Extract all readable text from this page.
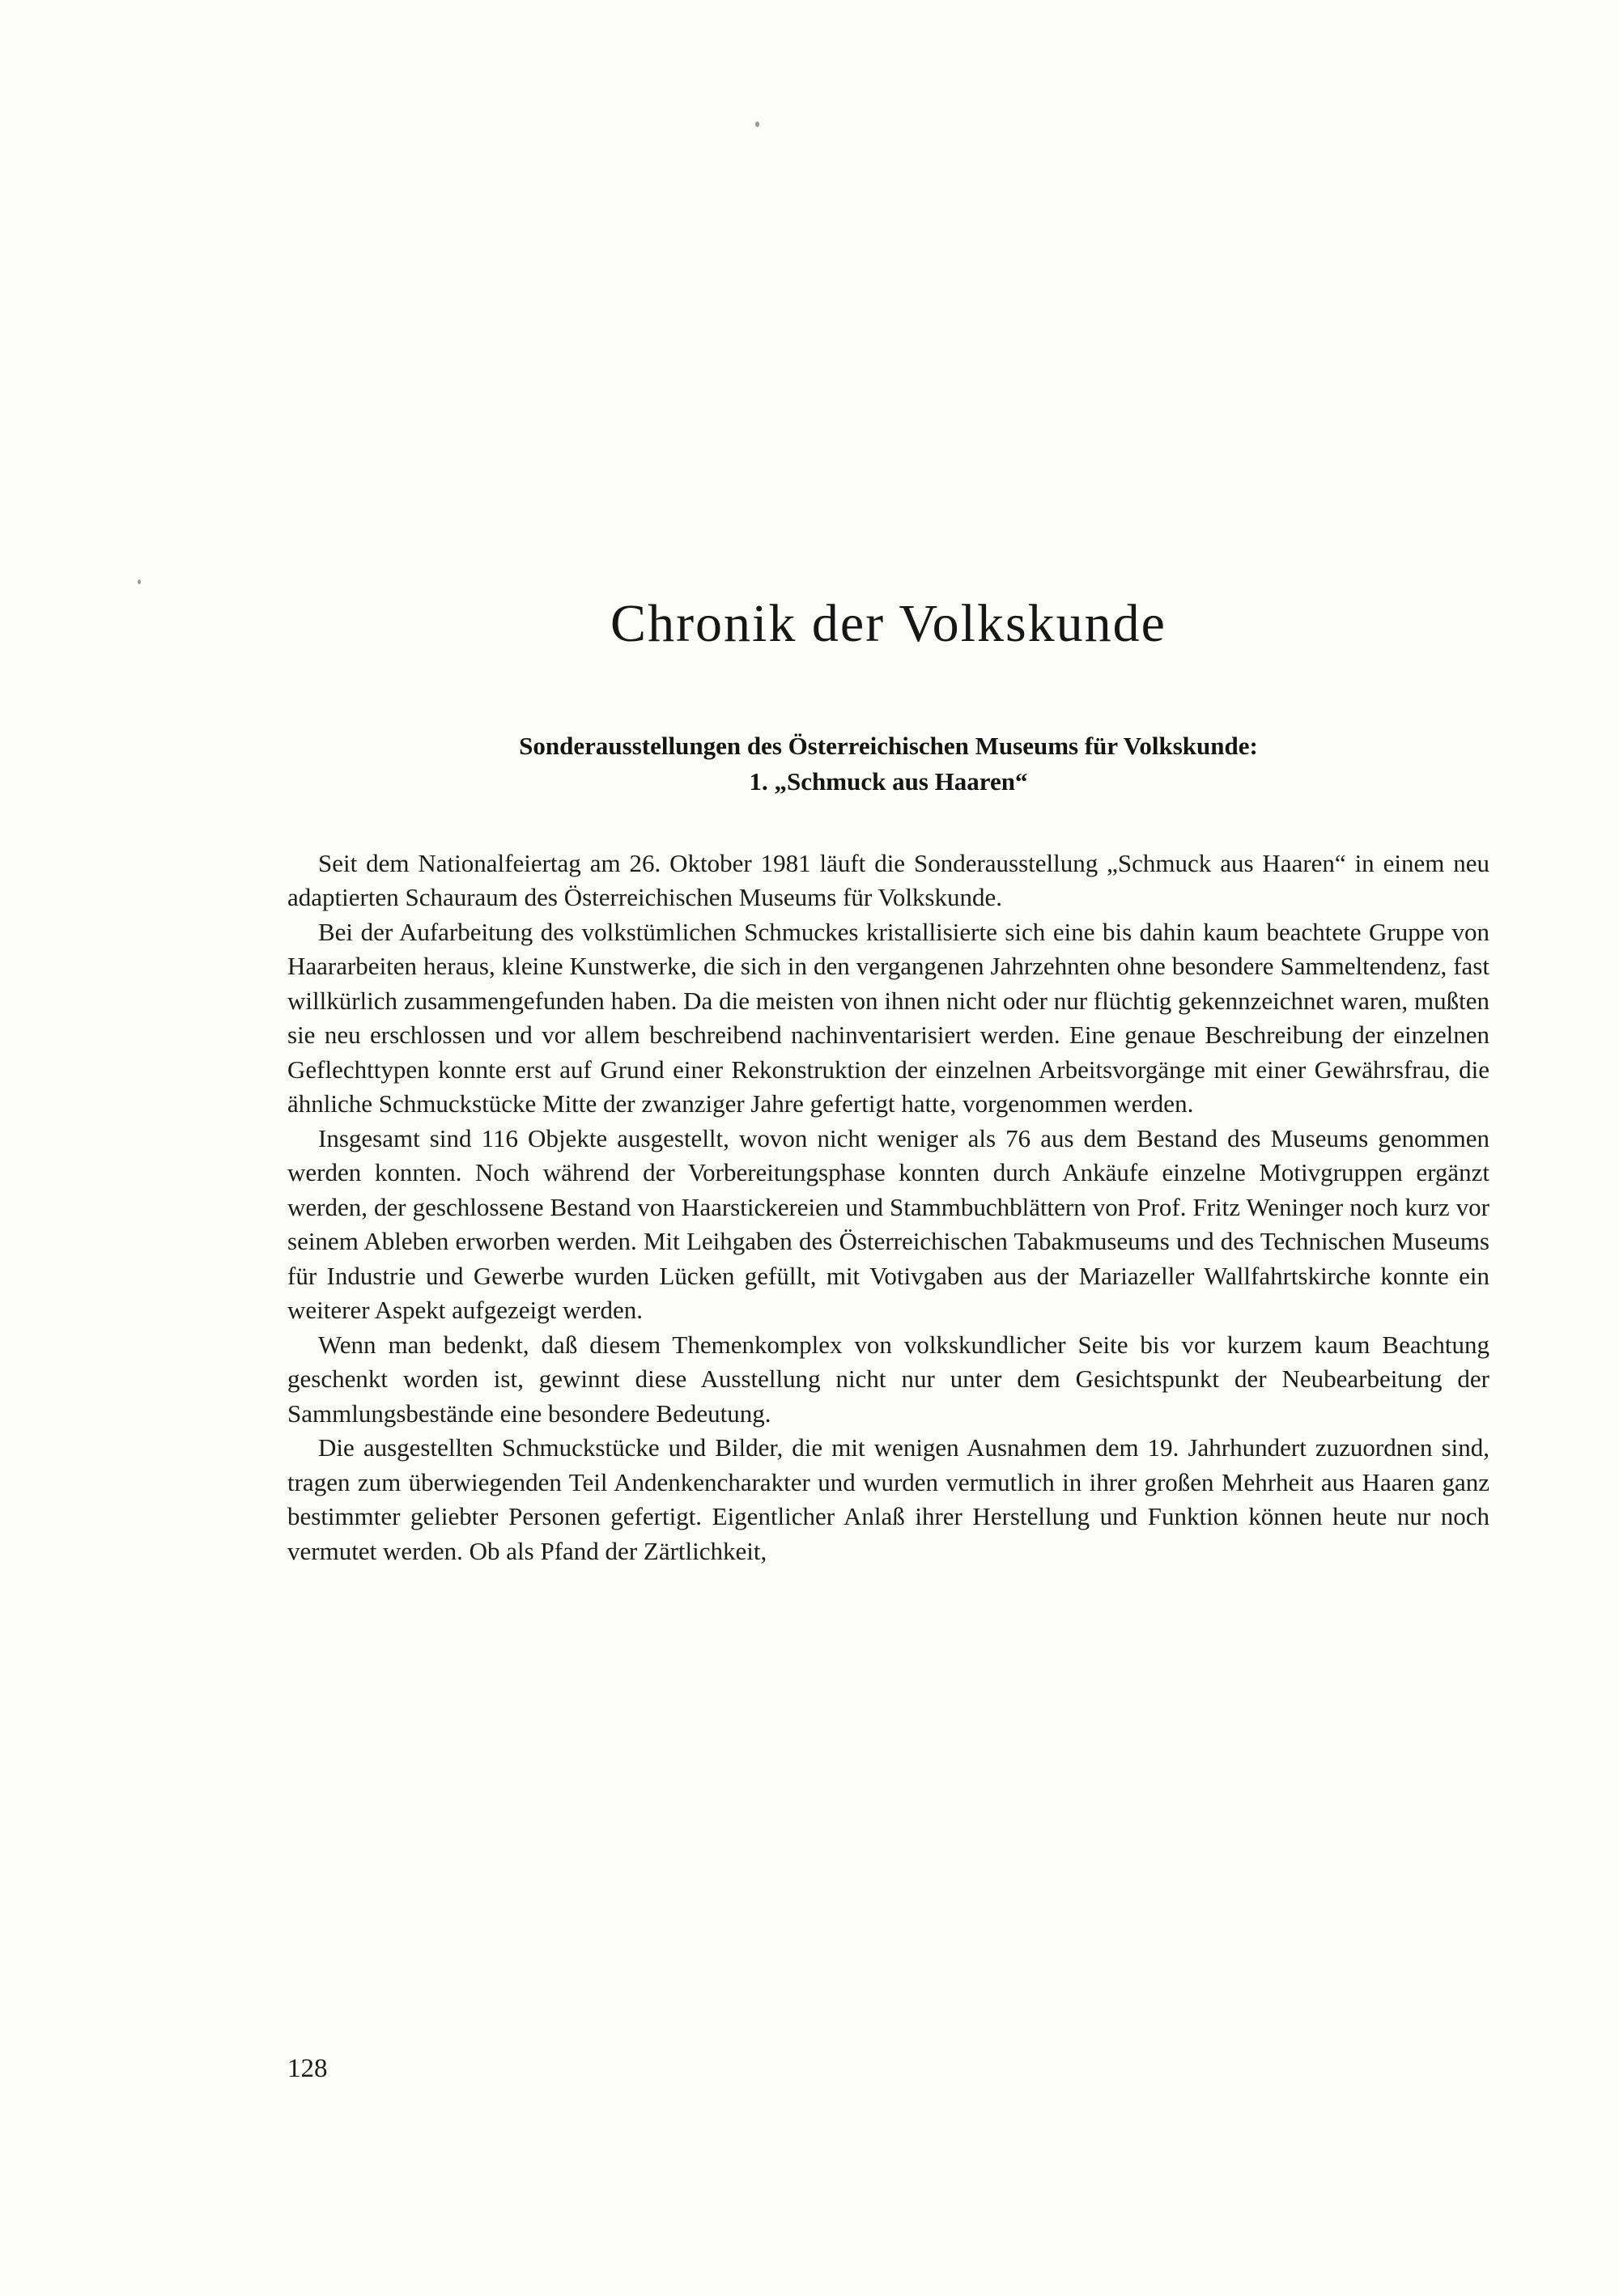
Chronik der Volkskunde
Sonderausstellungen des Österreichischen Museums für Volkskunde:
1. „Schmuck aus Haaren“

Seit dem Nationalfeiertag am 26. Oktober 1981 läuft die Sonderausstellung „Schmuck aus Haaren“ in einem neu adaptierten Schauraum des Österreichischen Museums für Volkskunde.

Bei der Aufarbeitung des volkstümlichen Schmuckes kristallisierte sich eine bis dahin kaum beachtete Gruppe von Haararbeiten heraus, kleine Kunstwerke, die sich in den vergangenen Jahrzehnten ohne besondere Sammeltendenz, fast willkürlich zusammengefunden haben. Da die meisten von ihnen nicht oder nur flüchtig gekennzeichnet waren, mußten sie neu erschlossen und vor allem beschreibend nachinventarisiert werden. Eine genaue Beschreibung der einzelnen Geflechttypen konnte erst auf Grund einer Rekonstruktion der einzelnen Arbeitsvorgänge mit einer Gewährsfrau, die ähnliche Schmuckstücke Mitte der zwanziger Jahre gefertigt hatte, vorgenommen werden.

Insgesamt sind 116 Objekte ausgestellt, wovon nicht weniger als 76 aus dem Bestand des Museums genommen werden konnten. Noch während der Vorbereitungsphase konnten durch Ankäufe einzelne Motivgruppen ergänzt werden, der geschlossene Bestand von Haarstickereien und Stammbuchblättern von Prof. Fritz Weninger noch kurz vor seinem Ableben erworben werden. Mit Leihgaben des Österreichischen Tabakmuseums und des Technischen Museums für Industrie und Gewerbe wurden Lücken gefüllt, mit Votivgaben aus der Mariazeller Wallfahrtskirche konnte ein weiterer Aspekt aufgezeigt werden.

Wenn man bedenkt, daß diesem Themenkomplex von volkskundlicher Seite bis vor kurzem kaum Beachtung geschenkt worden ist, gewinnt diese Ausstellung nicht nur unter dem Gesichtspunkt der Neubearbeitung der Sammlungsbestände eine besondere Bedeutung.

Die ausgestellten Schmuckstücke und Bilder, die mit wenigen Ausnahmen dem 19. Jahrhundert zuzuordnen sind, tragen zum überwiegenden Teil Andenkencharakter und wurden vermutlich in ihrer großen Mehrheit aus Haaren ganz bestimmter geliebter Personen gefertigt. Eigentlicher Anlaß ihrer Herstellung und Funktion können heute nur noch vermutet werden. Ob als Pfand der Zärtlichkeit,

128
